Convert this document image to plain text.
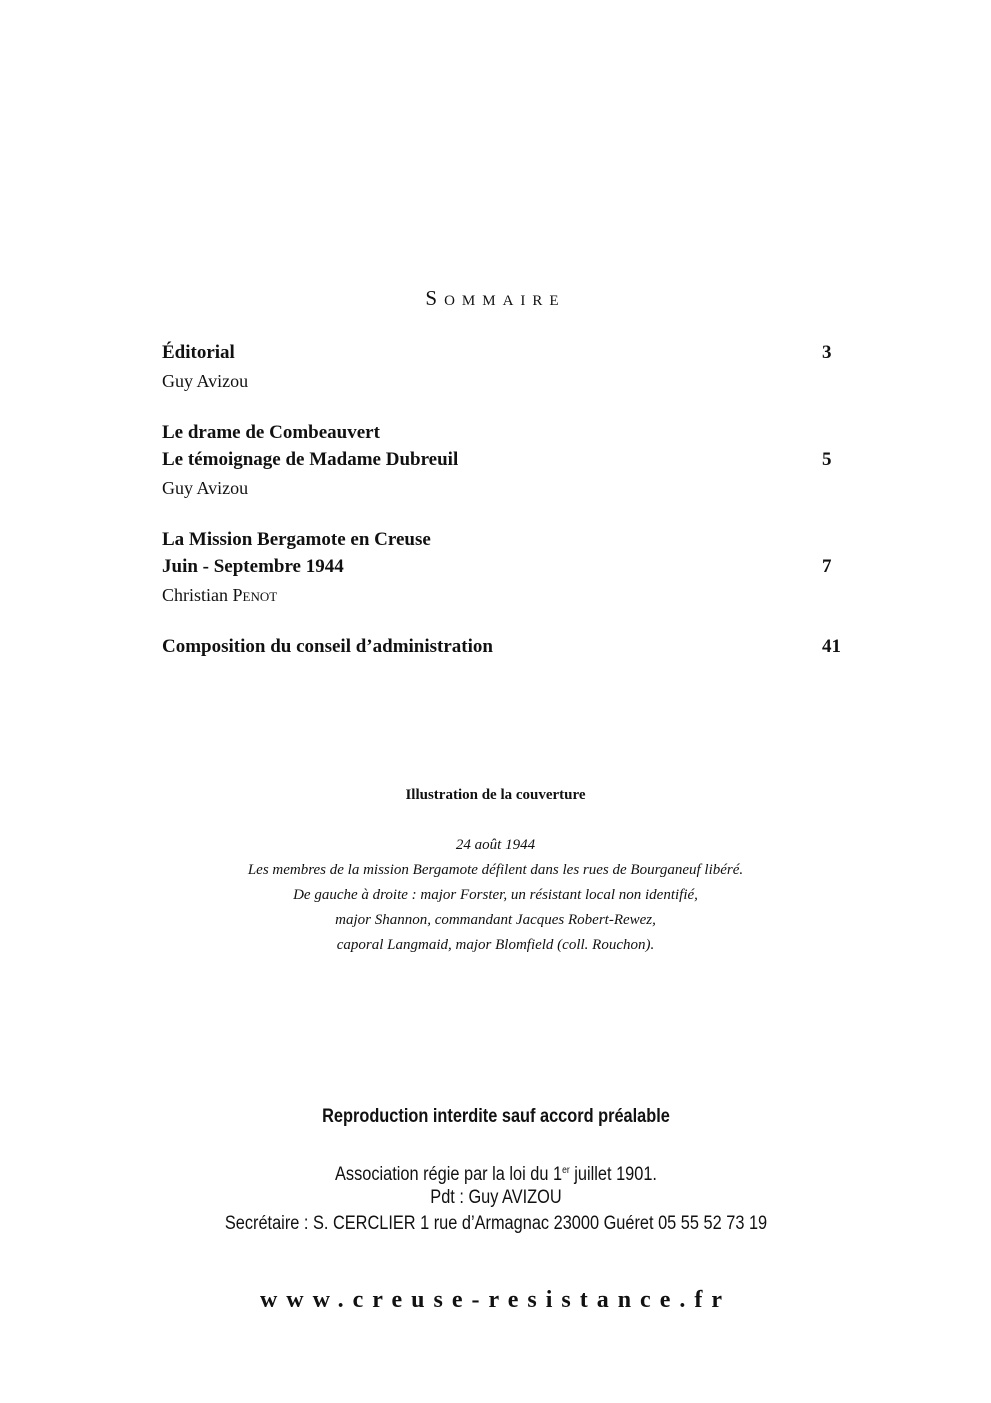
Sommaire
Éditorial	3
Guy Avizou
Le drame de Combeauvert
Le témoignage de Madame Dubreuil	5
Guy Avizou
La Mission Bergamote en Creuse
Juin - Septembre 1944	7
Christian Penot
Composition du conseil d’administration	41
Illustration de la couverture
24 août 1944
Les membres de la mission Bergamote défilent dans les rues de Bourganeuf libéré.
De gauche à droite : major Forster, un résistant local non identifié,
major Shannon, commandant Jacques Robert-Rewez,
caporal Langmaid, major Blomfield (coll. Rouchon).
Reproduction interdite sauf accord préalable
Association régie par la loi du 1er juillet 1901.
Pdt : Guy AVIZOU
Secrétaire : S. CERCLIER 1 rue d’Armagnac 23000 Guéret 05 55 52 73 19
www.creuse-resistance.fr
